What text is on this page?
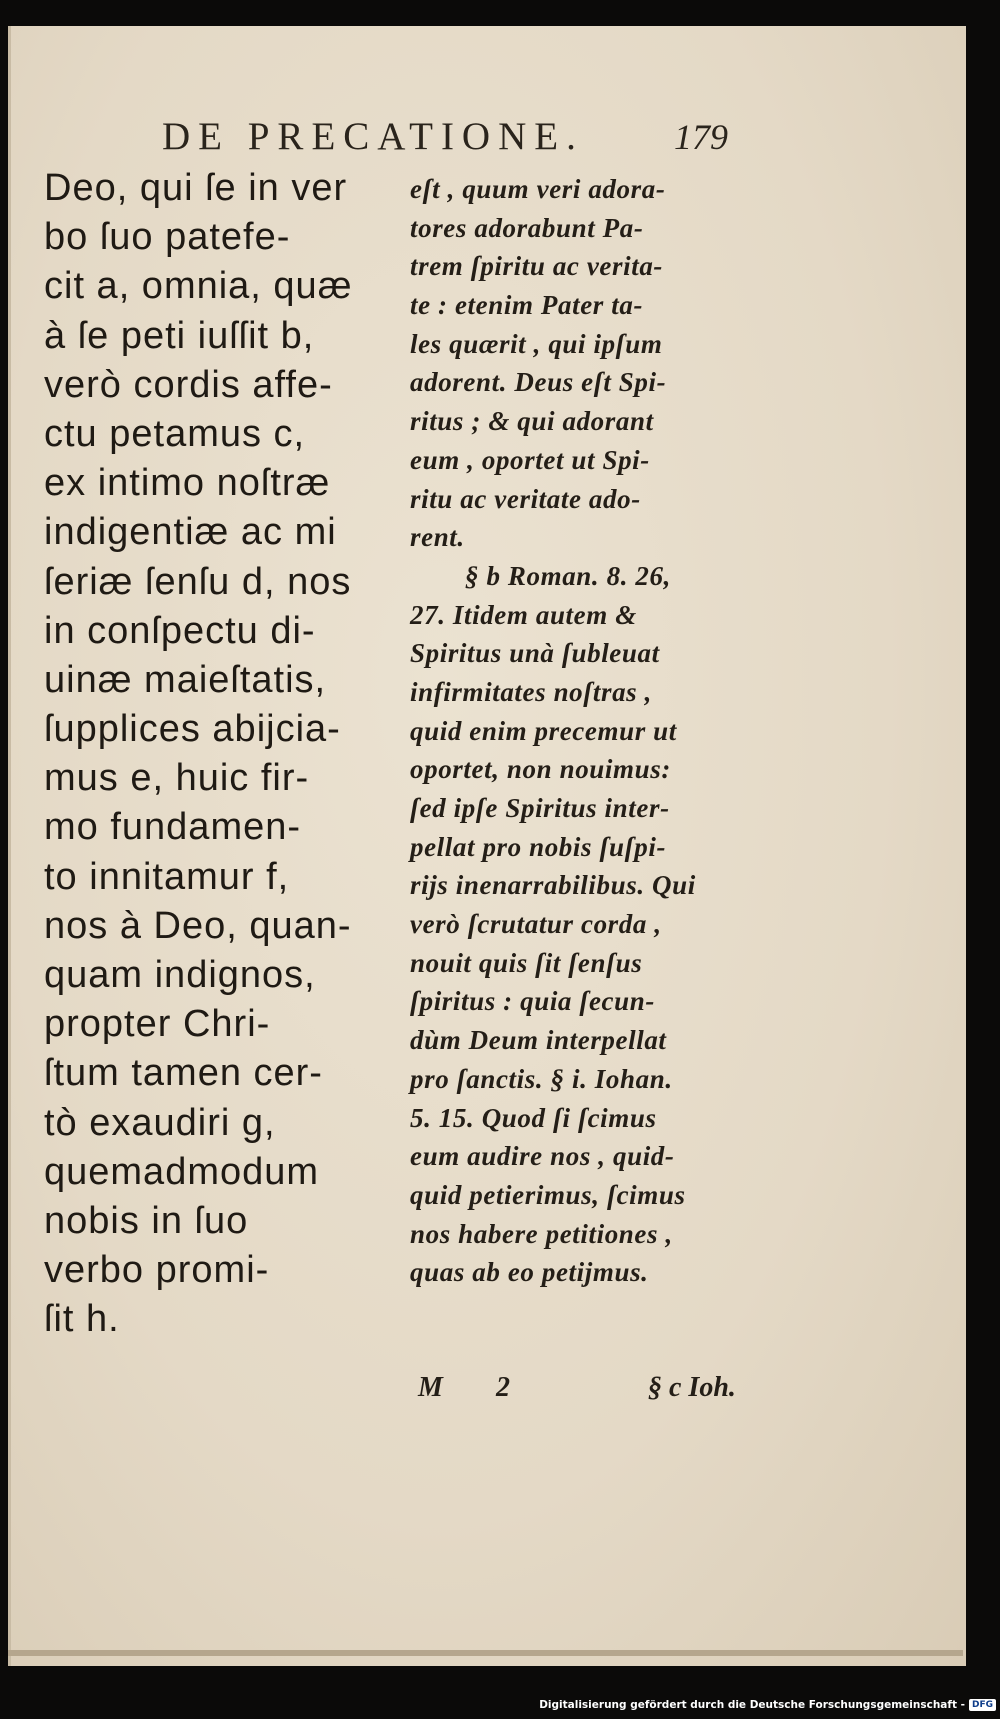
DE PRECATIONE.	179
Deo, qui ſe in ver
bo ſuo patefe-
cit a, omnia, quæ
à ſe peti iuſſit b,
verò cordis affe-
ctu petamus c,
ex intimo noſtræ
indigentiæ ac mi
ſeriæ ſenſu d, nos
in conſpectu di-
uinæ maieſtatis,
ſupplices abijcia-
mus e, huic fir-
mo fundamen-
to innitamur f,
nos à Deo, quan-
quam indignos,
propter Chri-
ſtum tamen cer-
tò exaudiri g,
quemadmodum
nobis in ſuo
verbo promi-
ſit h.
eſt , quum veri adora-
tores adorabunt Pa-
trem ſpiritu ac verita-
te : etenim Pater ta-
les quærit , qui ipſum
adorent. Deus eſt Spi-
ritus ; & qui adorant
eum , oportet ut Spi-
ritu ac veritate ado-
rent.
§ b Roman. 8. 26,
27. Itidem autem &
Spiritus unà ſubleuat
infirmitates noſtras ,
quid enim precemur ut
oportet, non nouimus:
ſed ipſe Spiritus inter-
pellat pro nobis ſuſpi-
rijs inenarrabilibus. Qui
verò ſcrutatur corda ,
nouit quis ſit ſenſus
ſpiritus : quia ſecun-
dùm Deum interpellat
pro ſanctis. § i. Iohan.
5. 15. Quod ſi ſcimus
eum audire nos , quid-
quid petierimus, ſcimus
nos habere petitiones ,
quas ab eo petijmus.
M 2	§ c Ioh.
Digitalisierung gefördert durch die Deutsche Forschungsgemeinschaft - DFG
